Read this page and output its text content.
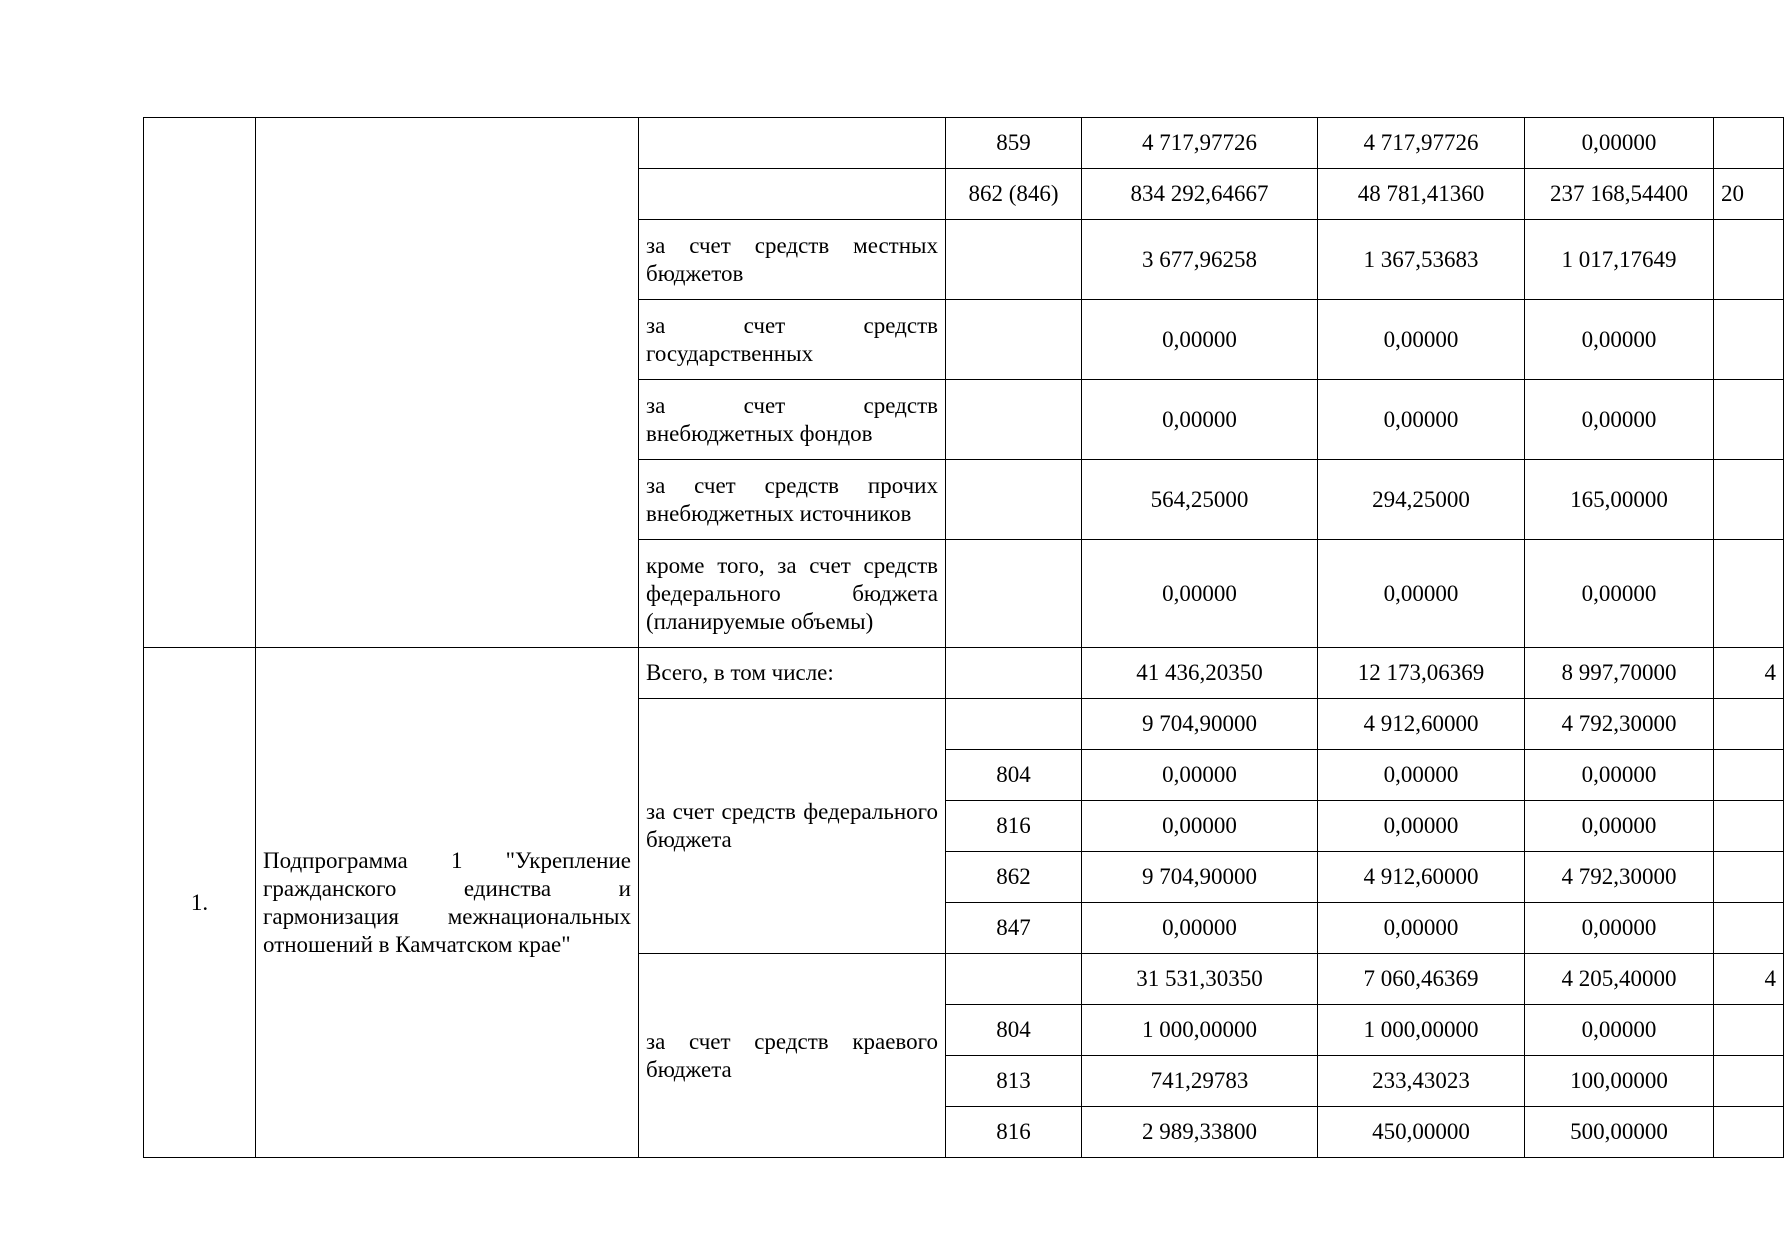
			859	4 717,97726	4 717,97726	0,00000	
			862 (846)	834 292,64667	48 781,41360	237 168,54400	20
		за счет средств местных бюджетов		3 677,96258	1 367,53683	1 017,17649	
		за счет средств государственных		0,00000	0,00000	0,00000	
		за счет средств внебюджетных фондов		0,00000	0,00000	0,00000	
		за счет средств прочих внебюджетных источников		564,25000	294,25000	165,00000	
		кроме того, за счет средств федерального бюджета (планируемые объемы)		0,00000	0,00000	0,00000	
1.	Подпрограмма 1 "Укрепление гражданского единства и гармонизация межнациональных отношений в Камчатском крае"	Всего, в том числе:		41 436,20350	12 173,06369	8 997,70000	4
		за счет средств федерального бюджета		9 704,90000	4 912,60000	4 792,30000	
			804	0,00000	0,00000	0,00000	
			816	0,00000	0,00000	0,00000	
			862	9 704,90000	4 912,60000	4 792,30000	
			847	0,00000	0,00000	0,00000	
		за счет средств краевого бюджета		31 531,30350	7 060,46369	4 205,40000	4
			804	1 000,00000	1 000,00000	0,00000	
			813	741,29783	233,43023	100,00000	
			816	2 989,33800	450,00000	500,00000	
